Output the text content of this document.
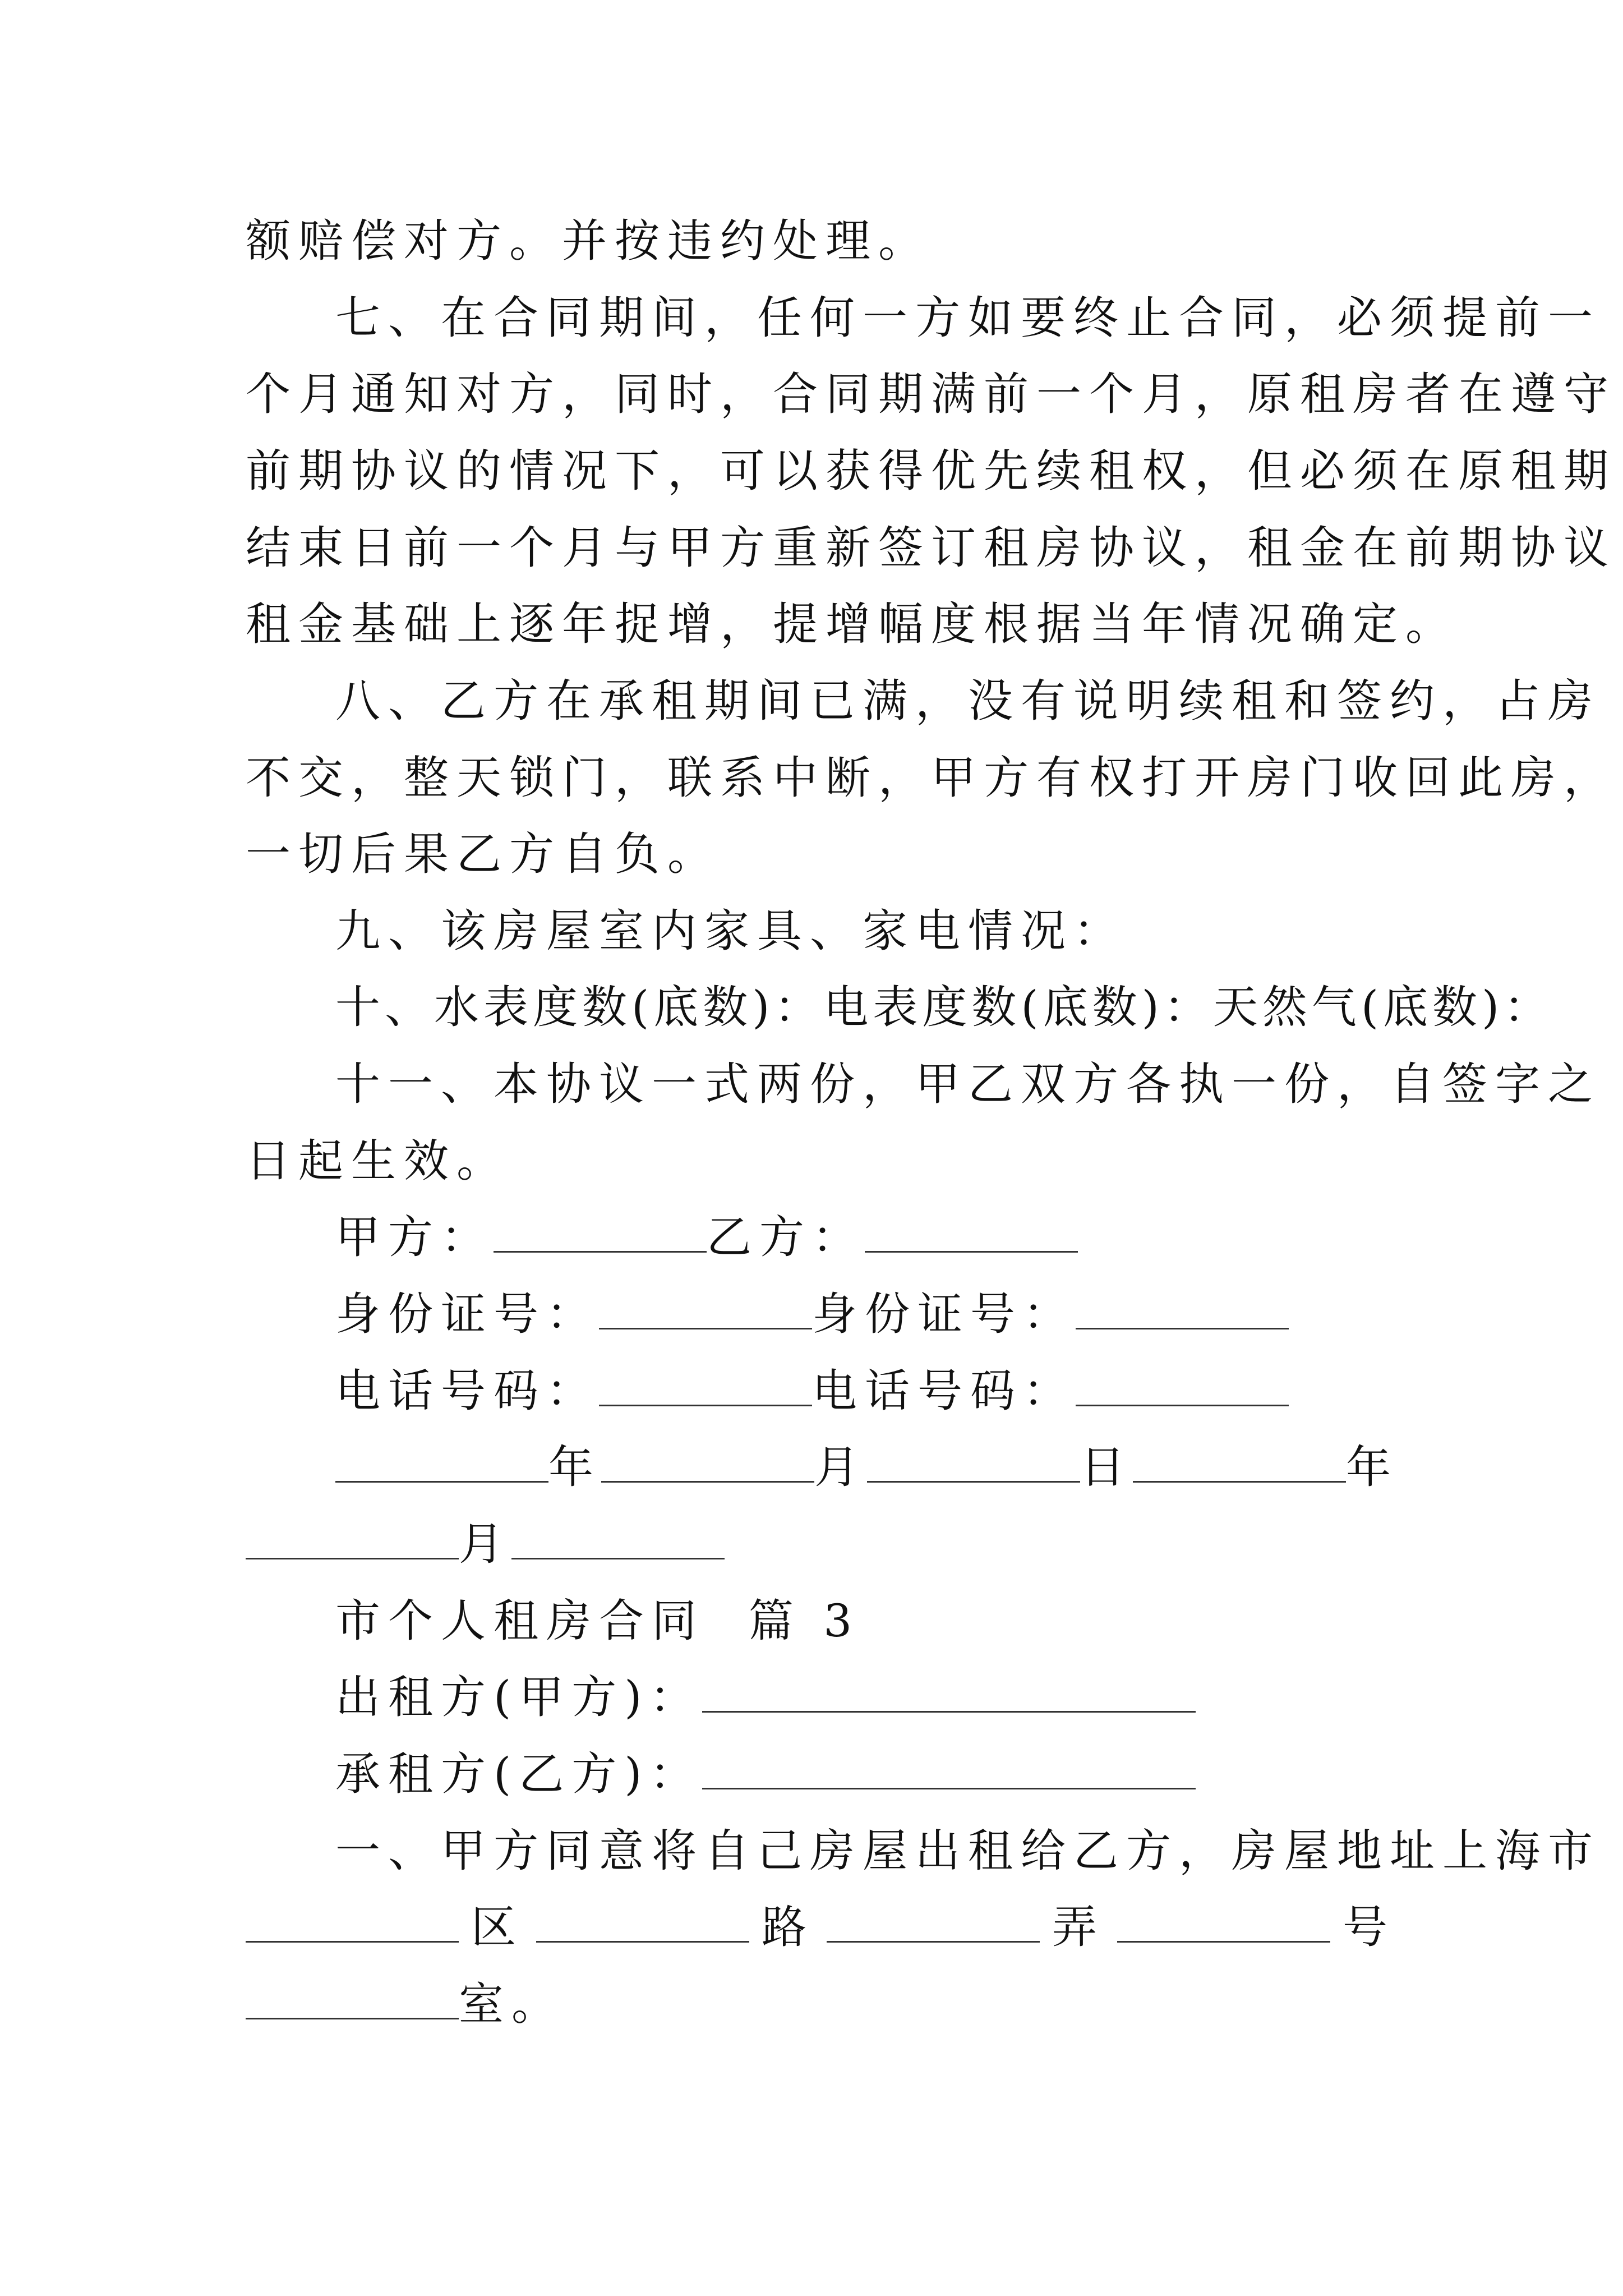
额赔偿对方。并按违约处理。
七、在合同期间，任何一方如要终止合同，必须提前一
个月通知对方，同时，合同期满前一个月，原租房者在遵守
前期协议的情况下，可以获得优先续租权，但必须在原租期
结束日前一个月与甲方重新签订租房协议，租金在前期协议
租金基础上逐年捉增，提增幅度根据当年情况确定。
八、乙方在承租期间已满，没有说明续租和签约，占房
不交，整天锁门，联系中断，甲方有权打开房门收回此房，
一切后果乙方自负。
九、该房屋室内家具、家电情况：
十、水表度数(底数)：电表度数(底数)：天然气(底数)：
十一、本协议一式两份，甲乙双方各执一份，自签字之
日起生效。
甲方：	乙方：
身份证号：	身份证号：
电话号码：	电话号码：
年	月	日	年
月
市个人租房合同  篇 3
出租方(甲方)：
承租方(乙方)：
一、甲方同意将自己房屋出租给乙方，房屋地址上海市
区	路	弄	号
室。
